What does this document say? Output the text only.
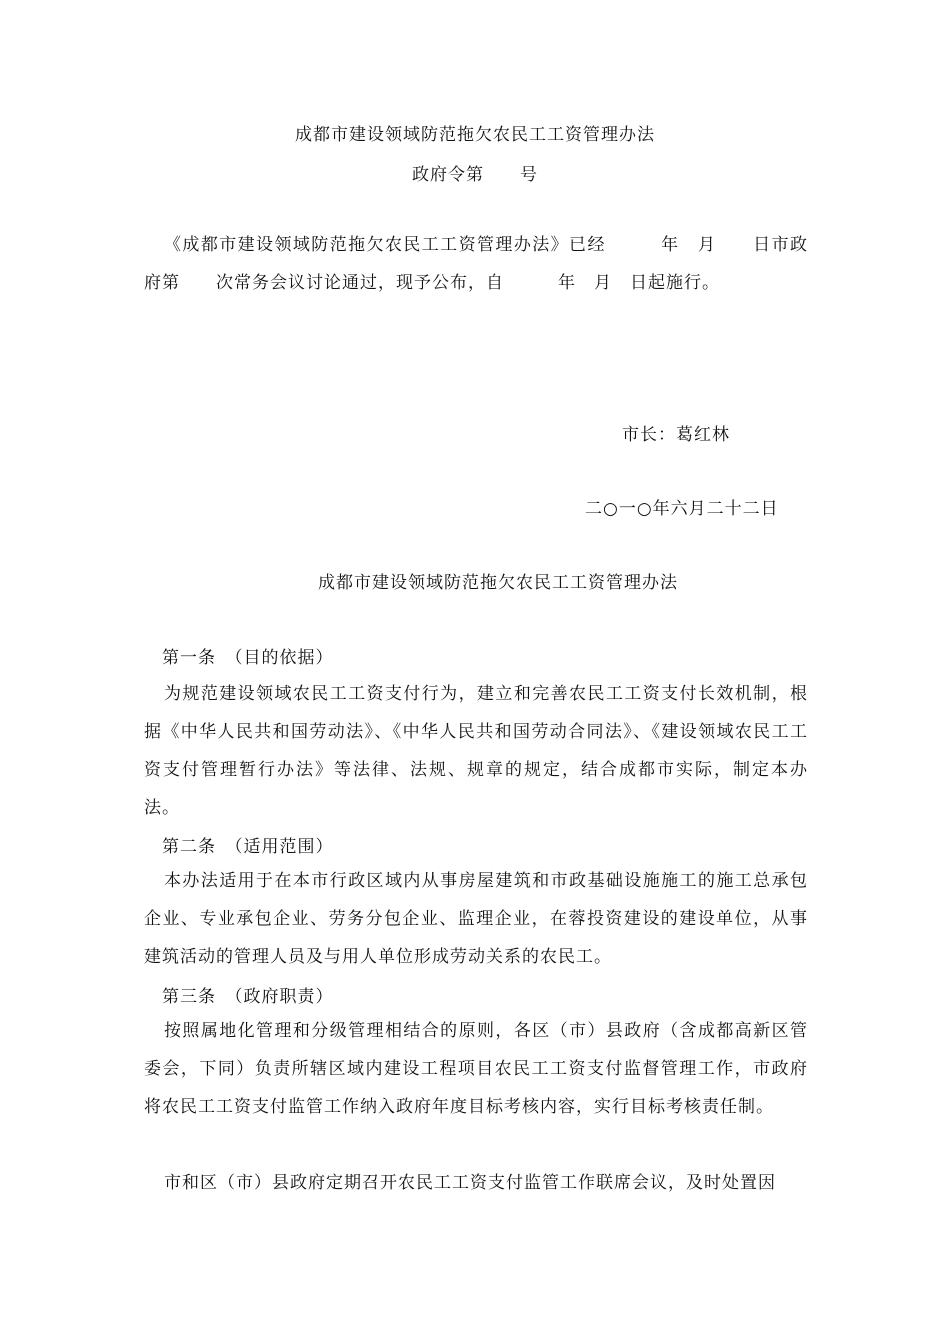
成都市建设领域防范拖欠农民工工资管理办法
政府令第　　号
《成都市建设领域防范拖欠农民工工资管理办法》已经　　　年　月　　日市政府第　　次常务会议讨论通过，现予公布，自　　　年　月　日起施行。
市长：葛红林
二○一○年六月二十二日
成都市建设领域防范拖欠农民工工资管理办法
第一条　（目的依据）
为规范建设领域农民工工资支付行为，建立和完善农民工工资支付长效机制，根据《中华人民共和国劳动法》、《中华人民共和国劳动合同法》、《建设领域农民工工资支付管理暂行办法》等法律、法规、规章的规定，结合成都市实际，制定本办法。
第二条　（适用范围）
本办法适用于在本市行政区域内从事房屋建筑和市政基础设施施工的施工总承包企业、专业承包企业、劳务分包企业、监理企业，在蓉投资建设的建设单位，从事建筑活动的管理人员及与用人单位形成劳动关系的农民工。
第三条　（政府职责）
按照属地化管理和分级管理相结合的原则，各区（市）县政府（含成都高新区管委会，下同）负责所辖区域内建设工程项目农民工工资支付监督管理工作，市政府将农民工工资支付监管工作纳入政府年度目标考核内容，实行目标考核责任制。
市和区（市）县政府定期召开农民工工资支付监管工作联席会议，及时处置因
